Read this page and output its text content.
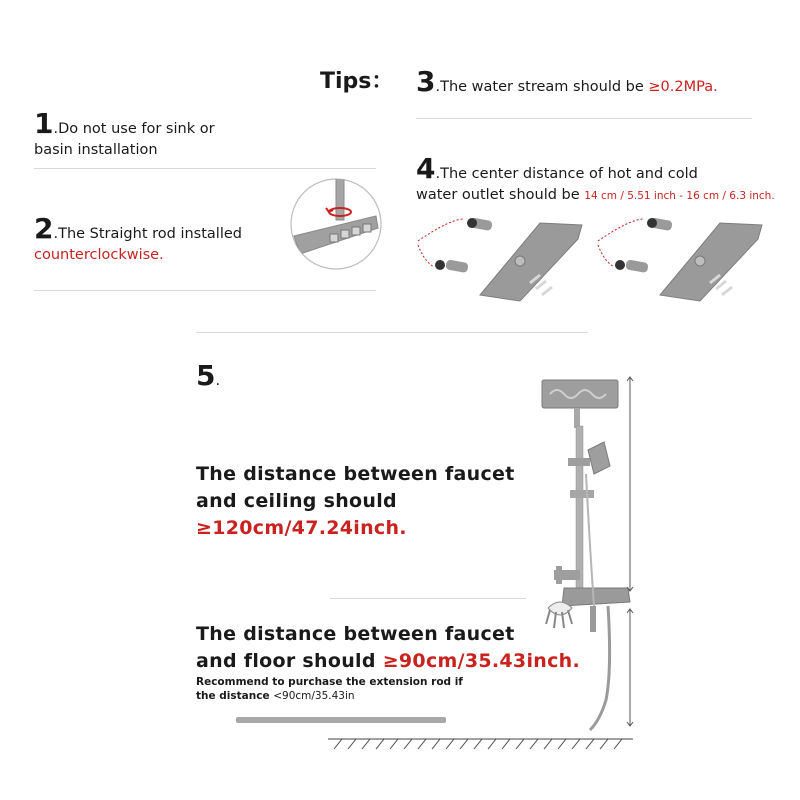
Tips：
1.Do not use for sink or
basin installation
2.The Straight rod installed
counterclockwise.
3.The water stream should be ≥0.2MPa.
4.The center distance of hot and cold
water outlet should be 14 cm / 5.51 inch - 16 cm / 6.3 inch.
5.
The distance between faucet
and ceiling should
≥120cm/47.24inch.
The distance between faucet
and floor should ≥90cm/35.43inch.
Recommend to purchase the extension rod if
the distance <90cm/35.43in
